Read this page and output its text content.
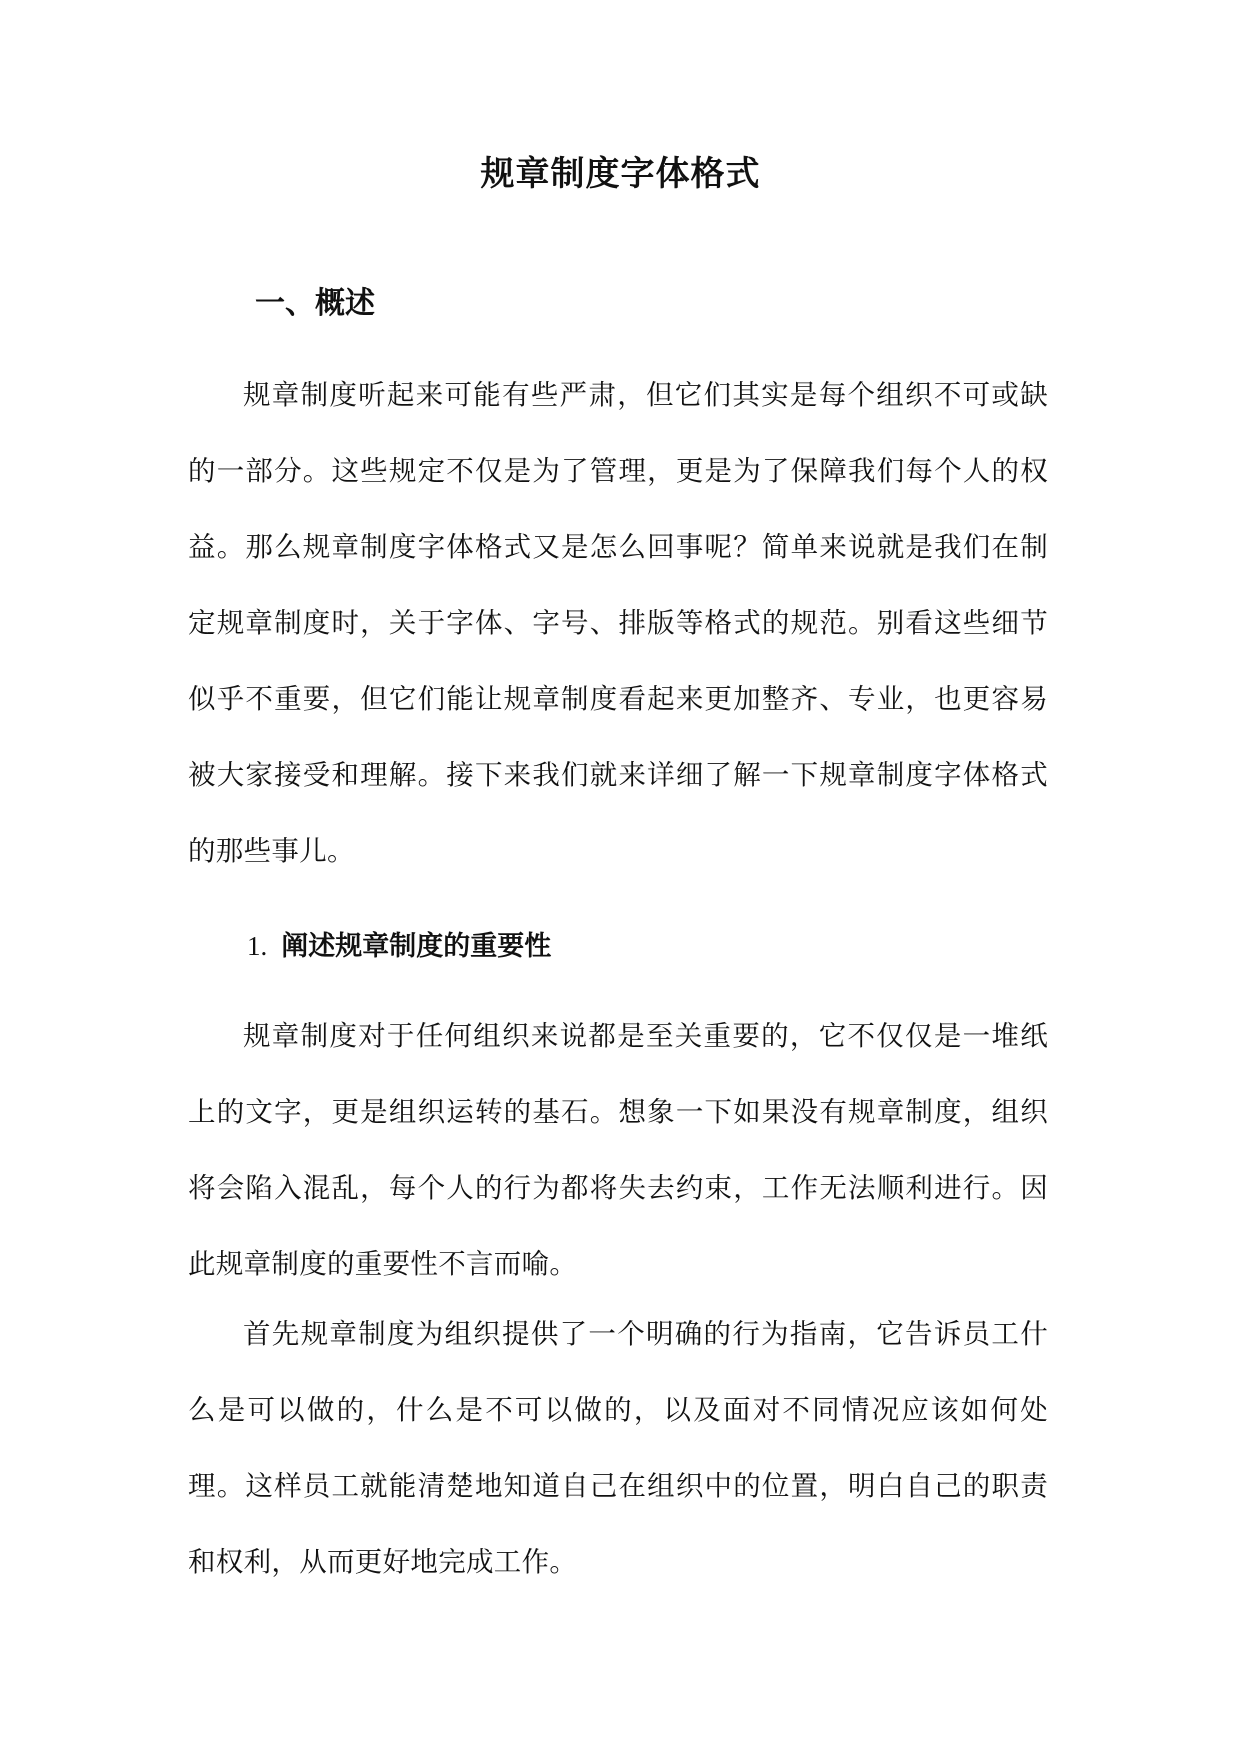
规章制度字体格式
一、概述

规章制度听起来可能有些严肃，但它们其实是每个组织不可或缺的一部分。这些规定不仅是为了管理，更是为了保障我们每个人的权益。那么规章制度字体格式又是怎么回事呢？简单来说就是我们在制定规章制度时，关于字体、字号、排版等格式的规范。别看这些细节似乎不重要，但它们能让规章制度看起来更加整齐、专业，也更容易被大家接受和理解。接下来我们就来详细了解一下规章制度字体格式的那些事儿。

1. 阐述规章制度的重要性

规章制度对于任何组织来说都是至关重要的，它不仅仅是一堆纸上的文字，更是组织运转的基石。想象一下如果没有规章制度，组织将会陷入混乱，每个人的行为都将失去约束，工作无法顺利进行。因此规章制度的重要性不言而喻。

首先规章制度为组织提供了一个明确的行为指南，它告诉员工什么是可以做的，什么是不可以做的，以及面对不同情况应该如何处理。这样员工就能清楚地知道自己在组织中的位置，明白自己的职责和权利，从而更好地完成工作。
